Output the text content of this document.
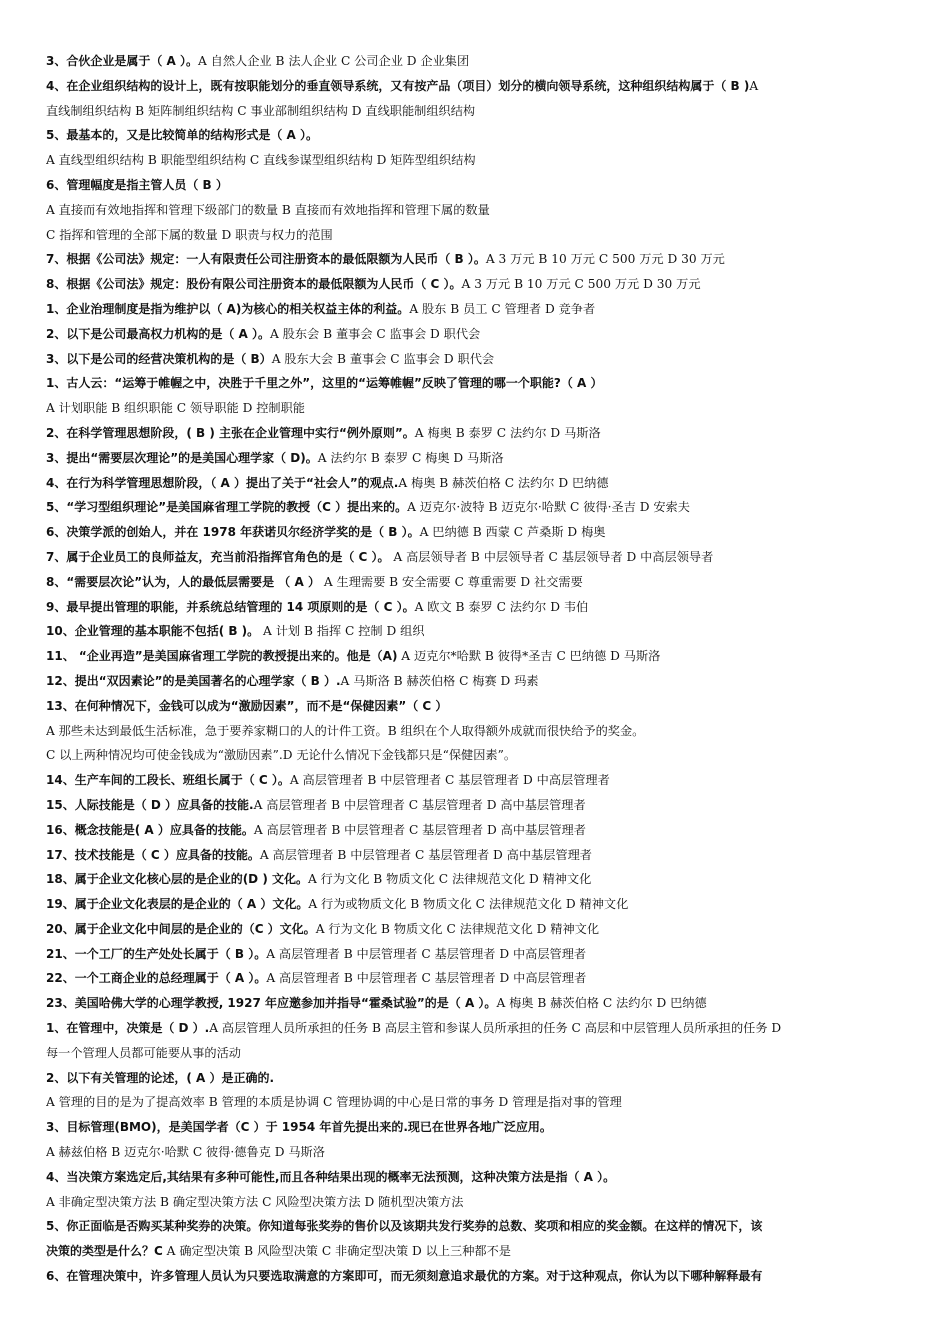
3、合伙企业是属于（ A ）。A 自然人企业 B 法人企业 C 公司企业 D 企业集团
4、在企业组织结构的设计上，既有按职能划分的垂直领导系统，又有按产品（项目）划分的横向领导系统，这种组织结构属于（ B )A
直线制组织结构 B 矩阵制组织结构 C 事业部制组织结构 D 直线职能制组织结构
5、最基本的，又是比较简单的结构形式是（ A ）。
A 直线型组织结构 B 职能型组织结构 C 直线参谋型组织结构 D 矩阵型组织结构
6、管理幅度是指主管人员（ B ）
A 直接而有效地指挥和管理下级部门的数量 B 直接而有效地指挥和管理下属的数量
C 指挥和管理的全部下属的数量 D 职责与权力的范围
7、根据《公司法》规定：一人有限责任公司注册资本的最低限额为人民币（ B ）。A 3 万元 B 10 万元 C 500 万元 D 30 万元
8、根据《公司法》规定：股份有限公司注册资本的最低限额为人民币（ C ）。A 3 万元 B 10 万元 C 500 万元 D 30 万元
1、企业治理制度是指为维护以（ A)为核心的相关权益主体的利益。A 股东 B 员工 C 管理者 D 竞争者
2、以下是公司最高权力机构的是（ A ）。A 股东会 B 董事会 C 监事会 D 职代会
3、以下是公司的经营决策机构的是（ B）A 股东大会 B 董事会 C 监事会 D 职代会
1、古人云：“运筹于帷幄之中，决胜于千里之外”，这里的“运筹帷幄”反映了管理的哪一个职能?（ A ）
A 计划职能 B 组织职能 C 领导职能 D 控制职能
2、在科学管理思想阶段，( B ) 主张在企业管理中实行“例外原则”。A 梅奥 B 泰罗 C 法约尔 D 马斯洛
3、提出“需要层次理论”的是美国心理学家（ D)。A 法约尔 B 泰罗 C 梅奥 D 马斯洛
4、在行为科学管理思想阶段，（ A ）提出了关于“社会人”的观点.A 梅奥 B 赫茨伯格 C 法约尔 D 巴纳德
5、“学习型组织理论”是美国麻省理工学院的教授（C ）提出来的。A 迈克尔·波特 B 迈克尔·哈默 C 彼得·圣吉 D 安索夫
6、决策学派的创始人，并在 1978 年获诺贝尔经济学奖的是（ B ）。A 巴纳德 B 西蒙 C 芦桑斯 D 梅奥
7、属于企业员工的良师益友，充当前沿指挥官角色的是（ C ）。 A 高层领导者 B 中层领导者 C 基层领导者 D 中高层领导者
8、“需要层次论”认为，人的最低层需要是 （ A ） A 生理需要 B 安全需要 C 尊重需要 D 社交需要
9、最早提出管理的职能，并系统总结管理的 14 项原则的是（ C ）。A 欧文 B 泰罗 C 法约尔 D 韦伯
10、企业管理的基本职能不包括( B )。 A 计划 B 指挥 C 控制 D 组织
11、 “企业再造”是美国麻省理工学院的教授提出来的。他是（A) A 迈克尔*哈默 B 彼得*圣吉 C 巴纳德 D 马斯洛
12、提出“双因素论”的是美国著名的心理学家（ B ）.A 马斯洛 B 赫茨伯格 C 梅赛 D 玛素
13、在何种情况下，金钱可以成为“激励因素”，而不是“保健因素”（ C ）
A 那些未达到最低生活标准，急于要养家糊口的人的计件工资。B 组织在个人取得额外成就而很快给予的奖金。
C 以上两种情况均可使金钱成为“激励因素”.D 无论什么情况下金钱都只是“保健因素”。
14、生产车间的工段长、班组长属于（ C ）。A 高层管理者 B 中层管理者 C 基层管理者 D 中高层管理者
15、人际技能是（ D ）应具备的技能.A 高层管理者 B 中层管理者 C 基层管理者 D 高中基层管理者
16、概念技能是( A ）应具备的技能。A 高层管理者 B 中层管理者 C 基层管理者 D 高中基层管理者
17、技术技能是（ C ）应具备的技能。A 高层管理者 B 中层管理者 C 基层管理者 D 高中基层管理者
18、属于企业文化核心层的是企业的(D ) 文化。A 行为文化 B 物质文化 C 法律规范文化 D 精神文化
19、属于企业文化表层的是企业的（ A ）文化。A 行为或物质文化 B 物质文化 C 法律规范文化 D 精神文化
20、属于企业文化中间层的是企业的（C ）文化。A 行为文化 B 物质文化 C 法律规范文化 D 精神文化
21、一个工厂的生产处处长属于（ B ）。A 高层管理者 B 中层管理者 C 基层管理者 D 中高层管理者
22、一个工商企业的总经理属于（ A ）。A 高层管理者 B 中层管理者 C 基层管理者 D 中高层管理者
23、美国哈佛大学的心理学教授, 1927 年应邀参加并指导“霍桑试验”的是（ A ）。A 梅奥 B 赫茨伯格 C 法约尔 D 巴纳德
1、在管理中，决策是（ D ）.A 高层管理人员所承担的任务 B 高层主管和参谋人员所承担的任务 C 高层和中层管理人员所承担的任务 D
每一个管理人员都可能要从事的活动
2、以下有关管理的论述，( A ）是正确的.
A 管理的目的是为了提高效率 B 管理的本质是协调 C 管理协调的中心是日常的事务 D 管理是指对事的管理
3、目标管理(BMO)，是美国学者（C ）于 1954 年首先提出来的.现已在世界各地广泛应用。
A 赫兹伯格 B 迈克尔·哈默 C 彼得·德鲁克 D 马斯洛
4、当决策方案选定后,其结果有多种可能性,而且各种结果出现的概率无法预测，这种决策方法是指（ A ）。
A 非确定型决策方法 B 确定型决策方法 C 风险型决策方法 D 随机型决策方法
5、你正面临是否购买某种奖券的决策。你知道每张奖券的售价以及该期共发行奖券的总数、奖项和相应的奖金额。在这样的情况下，该
决策的类型是什么？C A 确定型决策 B 风险型决策 C 非确定型决策 D 以上三种都不是
6、在管理决策中，许多管理人员认为只要选取满意的方案即可，而无须刻意追求最优的方案。对于这种观点，你认为以下哪种解释最有
